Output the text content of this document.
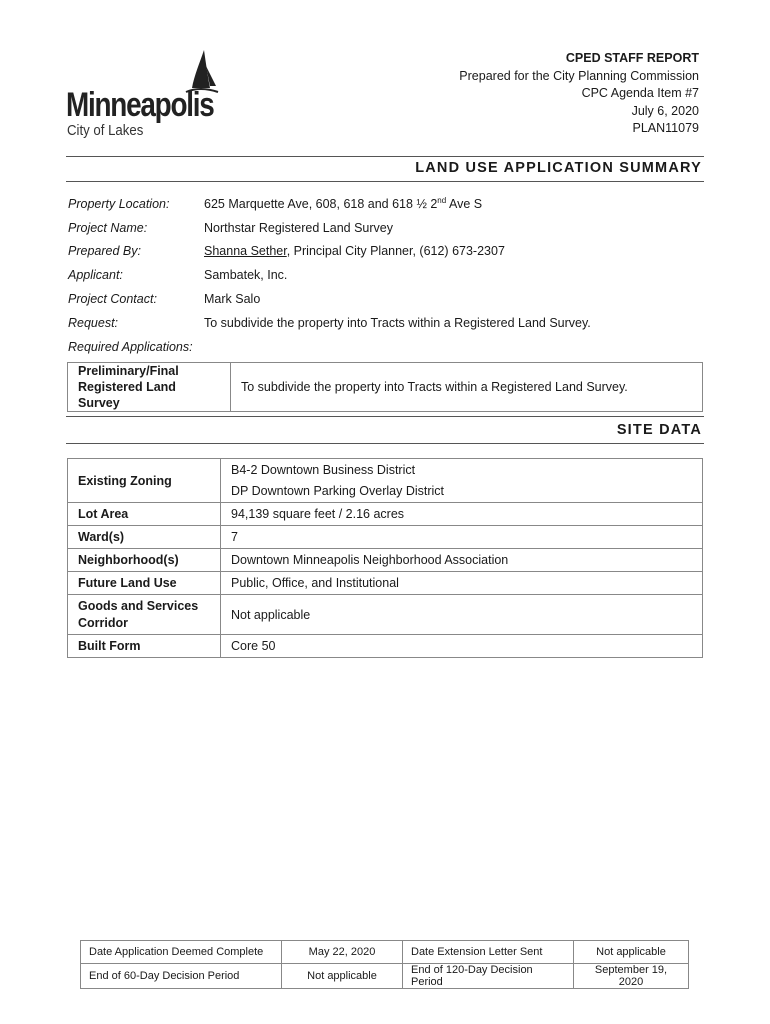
Minneapolis
City of Lakes
CPED STAFF REPORT
Prepared for the City Planning Commission
CPC Agenda Item #7
July 6, 2020
PLAN11079
LAND USE APPLICATION SUMMARY
Property Location:	625 Marquette Ave, 608, 618 and 618 ½ 2nd Ave S
Project Name:	Northstar Registered Land Survey
Prepared By:	Shanna Sether, Principal City Planner, (612) 673-2307
Applicant:	Sambatek, Inc.
Project Contact:	Mark Salo
Request:	To subdivide the property into Tracts within a Registered Land Survey.
Required Applications:
Preliminary/Final
Registered Land Survey	To subdivide the property into Tracts within a Registered Land Survey.
SITE DATA
Existing Zoning	B4-2 Downtown Business District
DP Downtown Parking Overlay District
Lot Area	94,139 square feet / 2.16 acres
Ward(s)	7
Neighborhood(s)	Downtown Minneapolis Neighborhood Association
Future Land Use	Public, Office, and Institutional
Goods and Services
Corridor	Not applicable
Built Form	Core 50
Date Application Deemed Complete	May 22, 2020	Date Extension Letter Sent	Not applicable
End of 60-Day Decision Period	Not applicable	End of 120-Day Decision Period	September 19, 2020
